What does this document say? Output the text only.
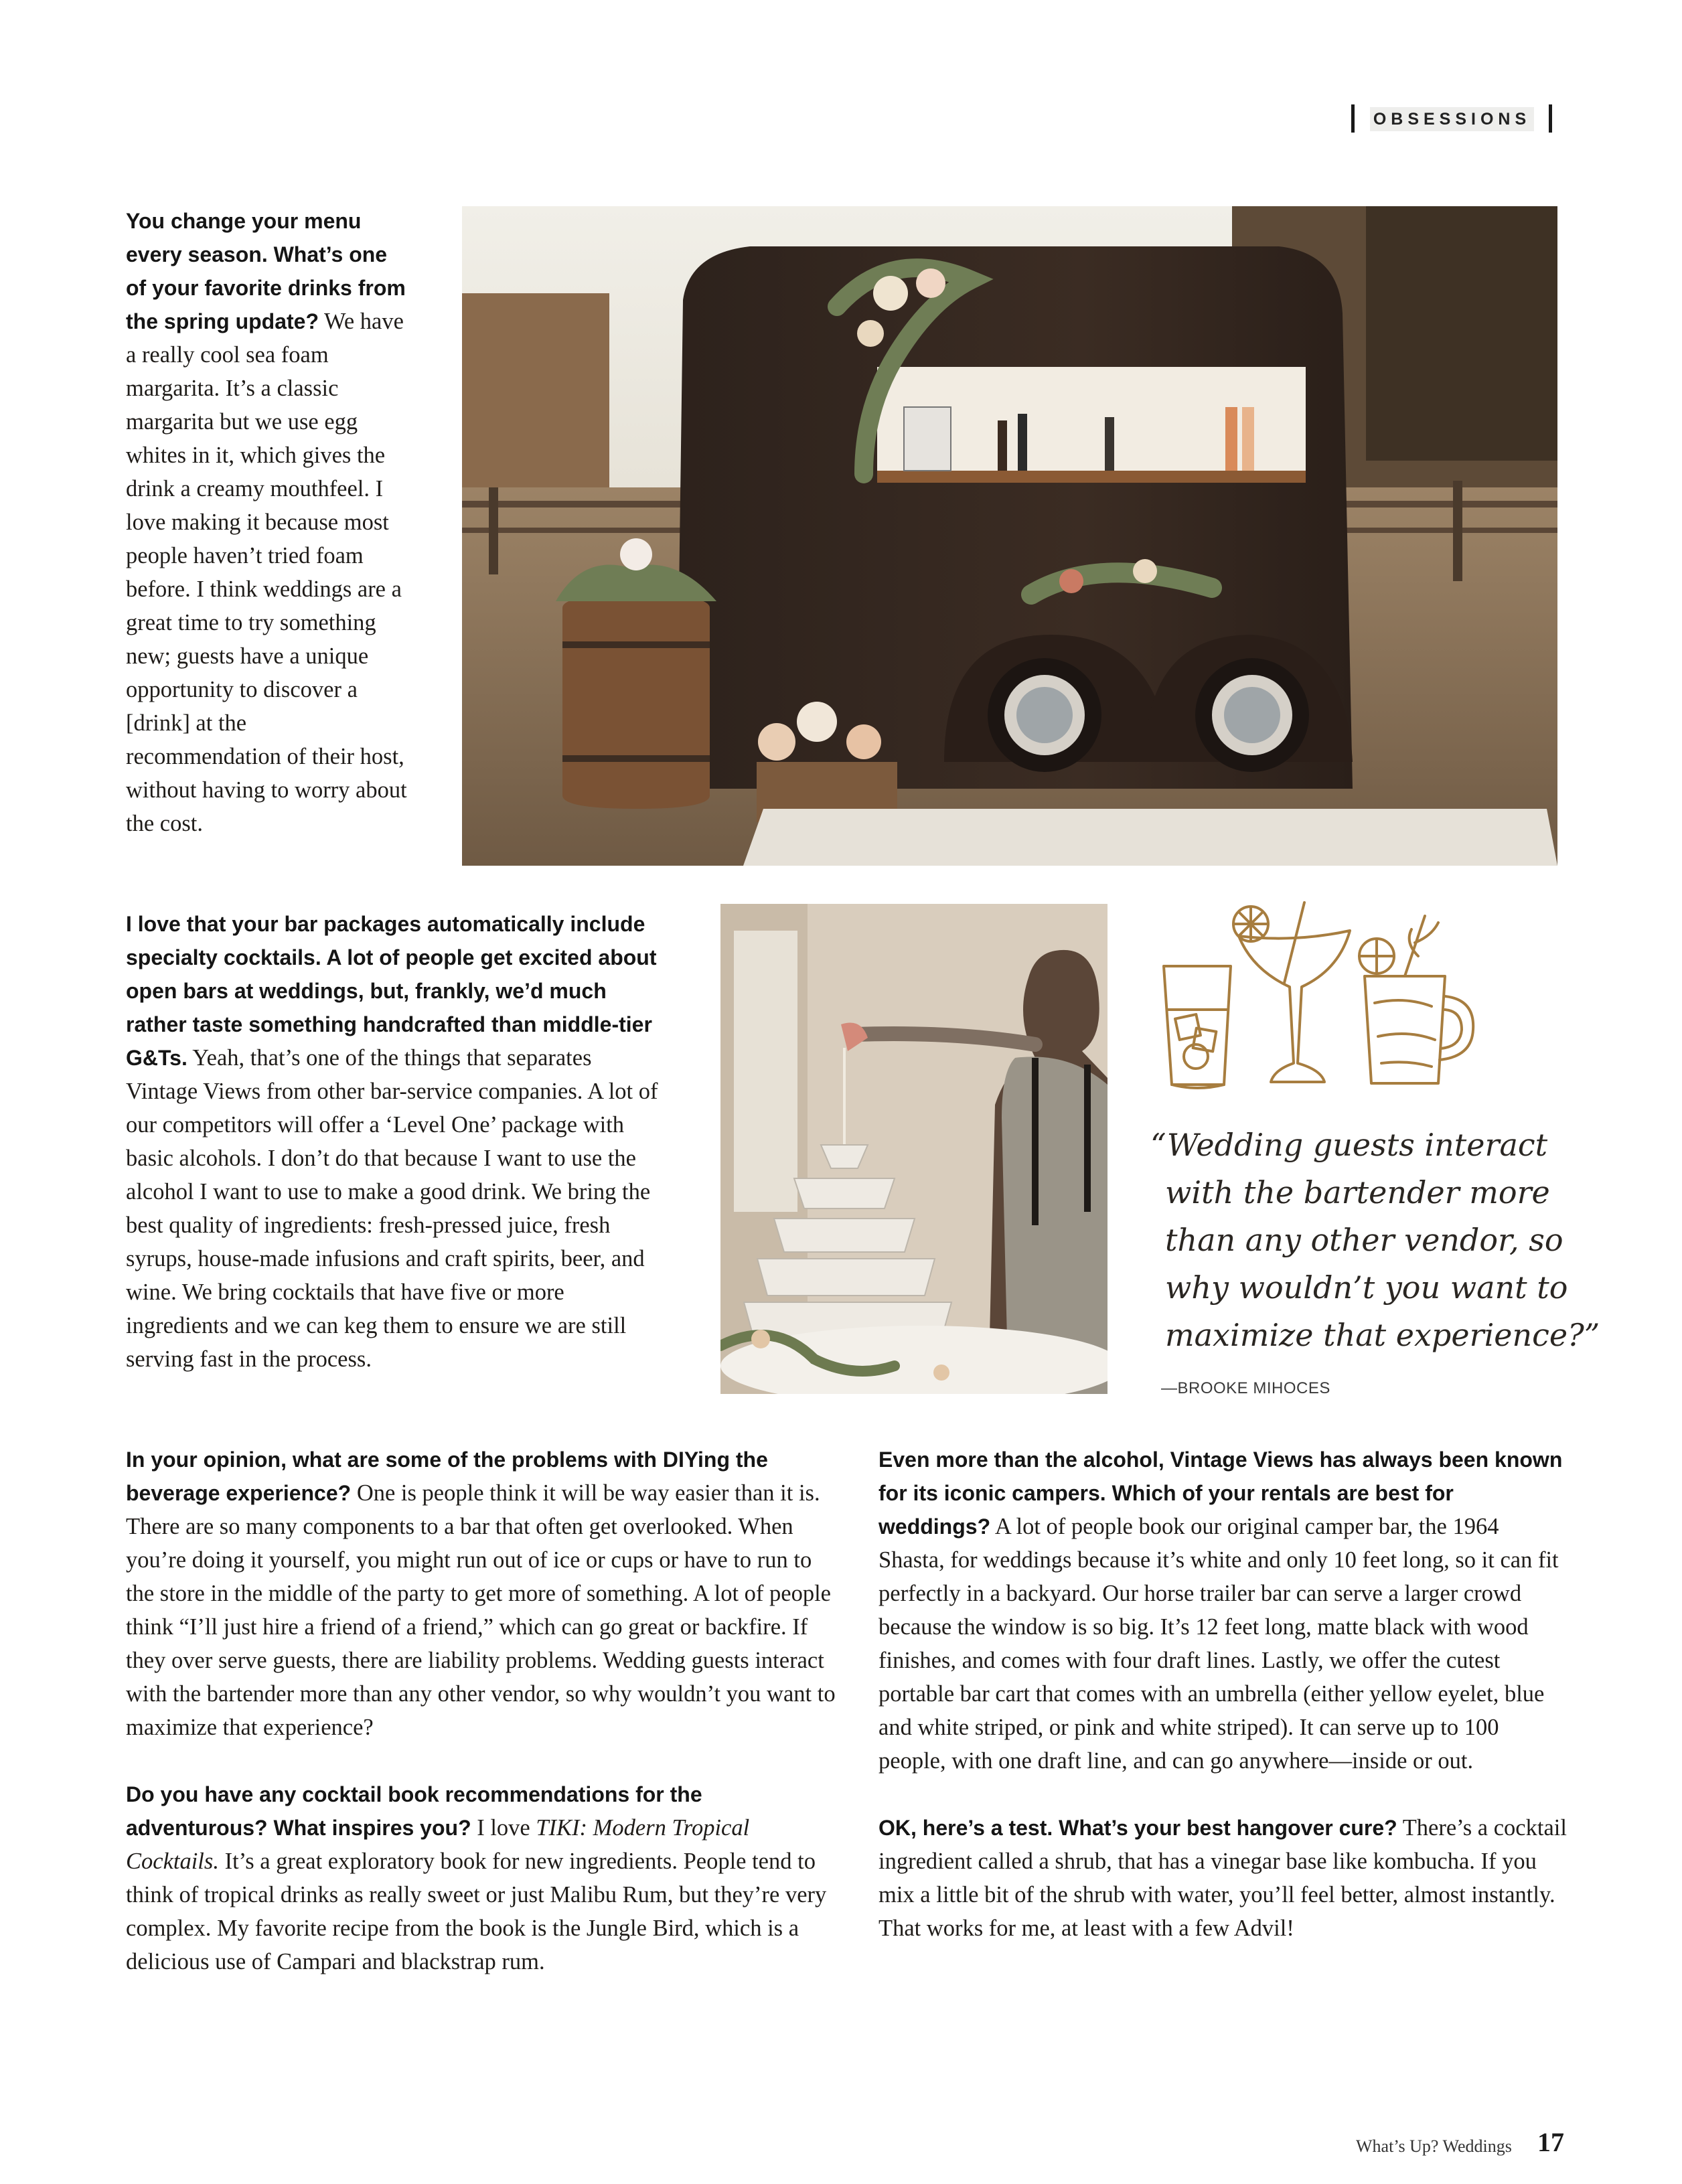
OBSESSIONS

You change your menu every season. What’s one of your favorite drinks from the spring update? We have a really cool sea foam margarita. It’s a classic margarita but we use egg whites in it, which gives the drink a creamy mouthfeel. I love making it because most people haven’t tried foam before. I think weddings are a great time to try something new; guests have a unique opportunity to discover a [drink] at the recommendation of their host, without having to worry about the cost.

I love that your bar packages automatically include specialty cocktails. A lot of people get excited about open bars at weddings, but, frankly, we’d much rather taste something handcrafted than middle-tier G&Ts. Yeah, that’s one of the things that separates Vintage Views from other bar-service companies. A lot of our competitors will offer a ‘Level One’ package with basic alcohols. I don’t do that because I want to use the alcohol I want to use to make a good drink. We bring the best quality of ingredients: fresh-pressed juice, fresh syrups, house-made infusions and craft spirits, beer, and wine. We bring cocktails that have five or more ingredients and we can keg them to ensure we are still serving fast in the process.

“Wedding guests interact
with the bartender more
than any other vendor, so
why wouldn’t you want to
maximize that experience?”
—BROOKE MIHOCES

In your opinion, what are some of the problems with DIYing the beverage experience? One is people think it will be way easier than it is. There are so many components to a bar that often get overlooked. When you’re doing it yourself, you might run out of ice or cups or have to run to the store in the middle of the party to get more of something. A lot of people think “I’ll just hire a friend of a friend,” which can go great or backfire. If they over serve guests, there are liability problems. Wedding guests interact with the bartender more than any other vendor, so why wouldn’t you want to maximize that experience?

Do you have any cocktail book recommendations for the adventurous? What inspires you? I love TIKI: Modern Tropical Cocktails. It’s a great exploratory book for new ingredients. People tend to think of tropical drinks as really sweet or just Malibu Rum, but they’re very complex. My favorite recipe from the book is the Jungle Bird, which is a delicious use of Campari and blackstrap rum.

Even more than the alcohol, Vintage Views has always been known for its iconic campers. Which of your rentals are best for weddings? A lot of people book our original camper bar, the 1964 Shasta, for weddings because it’s white and only 10 feet long, so it can fit perfectly in a backyard. Our horse trailer bar can serve a larger crowd because the window is so big. It’s 12 feet long, matte black with wood finishes, and comes with four draft lines. Lastly, we offer the cutest portable bar cart that comes with an umbrella (either yellow eyelet, blue and white striped, or pink and white striped). It can serve up to 100 people, with one draft line, and can go anywhere—inside or out.

OK, here’s a test. What’s your best hangover cure? There’s a cocktail ingredient called a shrub, that has a vinegar base like kombucha. If you mix a little bit of the shrub with water, you’ll feel better, almost instantly. That works for me, at least with a few Advil!

What’s Up? Weddings 17
